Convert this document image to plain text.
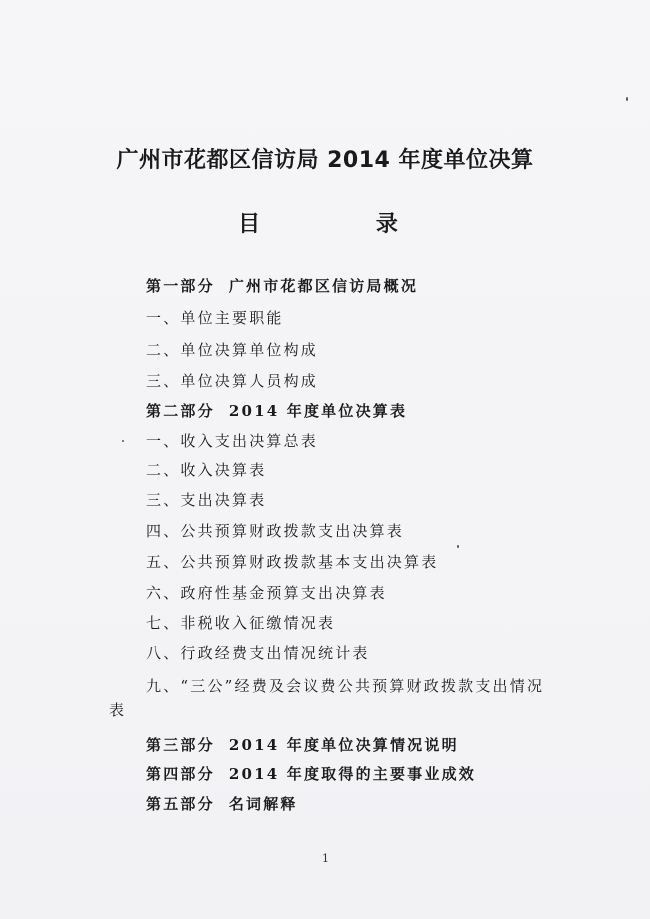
广州市花都区信访局 2014 年度单位决算
目 录
第一部分 广州市花都区信访局概况
一、单位主要职能
二、单位决算单位构成
三、单位决算人员构成
第二部分 2014 年度单位决算表
一、收入支出决算总表
二、收入决算表
三、支出决算表
四、公共预算财政拨款支出决算表
五、公共预算财政拨款基本支出决算表
六、政府性基金预算支出决算表
七、非税收入征缴情况表
八、行政经费支出情况统计表
九、“三公”经费及会议费公共预算财政拨款支出情况
表
第三部分 2014 年度单位决算情况说明
第四部分 2014 年度取得的主要事业成效
第五部分 名词解释
1
